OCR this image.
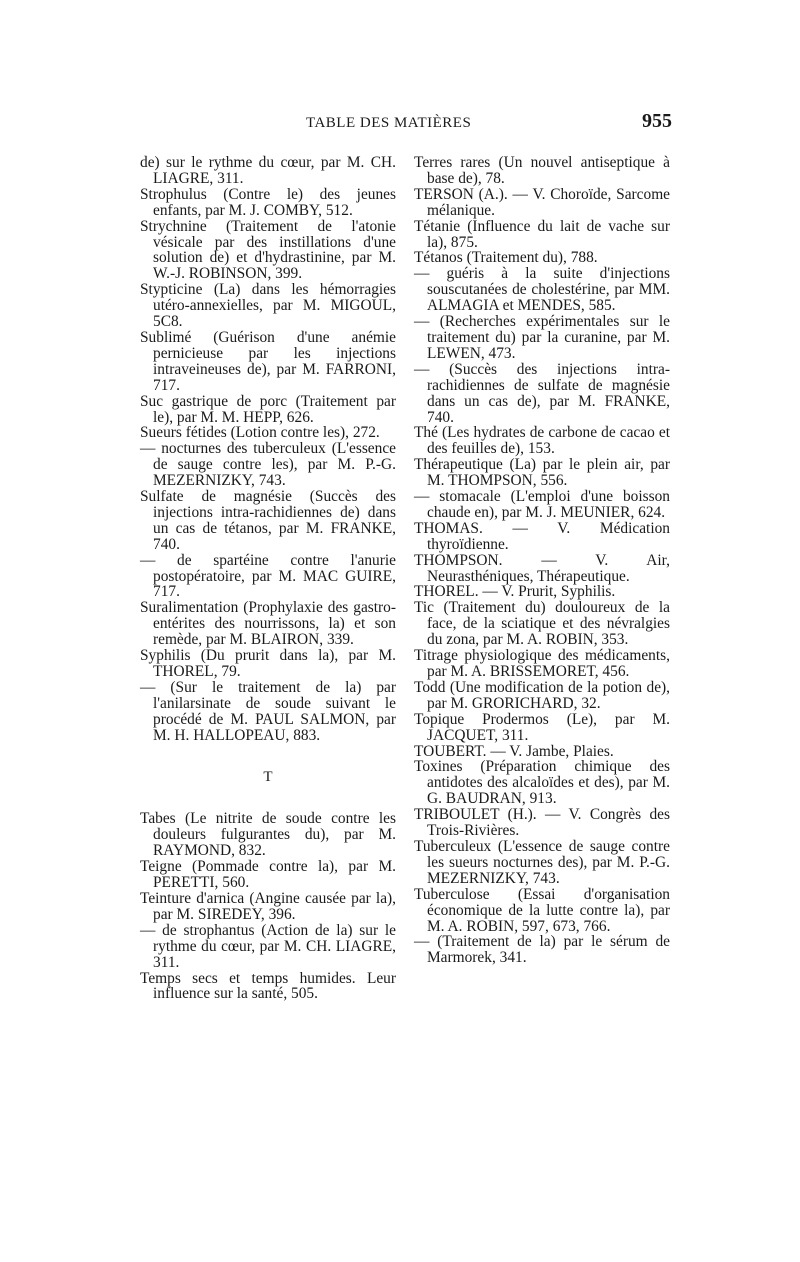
TABLE DES MATIÈRES	955

de) sur le rythme du cœur, par M. CH. LIAGRE, 311.

Strophulus (Contre le) des jeunes enfants, par M. J. COMBY, 512.

Strychnine (Traitement de l'atonie vésicale par des instillations d'une solution de) et d'hydrastinine, par M. W.-J. ROBINSON, 399.

Stypticine (La) dans les hémorragies utéro-annexielles, par M. MIGOUL, 5C8.

Sublimé (Guérison d'une anémie pernicieuse par les injections intraveineuses de), par M. FARRONI, 717.

Suc gastrique de porc (Traitement par le), par M. M. HEPP, 626.

Sueurs fétides (Lotion contre les), 272.

— nocturnes des tuberculeux (L'essence de sauge contre les), par M. P.-G. MEZERNIZKY, 743.

Sulfate de magnésie (Succès des injections intra-rachidiennes de) dans un cas de tétanos, par M. FRANKE, 740.

— de spartéine contre l'anurie postopératoire, par M. MAC GUIRE, 717.

Suralimentation (Prophylaxie des gastro-entérites des nourrissons, la) et son remède, par M. BLAIRON, 339.

Syphilis (Du prurit dans la), par M. THOREL, 79.

— (Sur le traitement de la) par l'anilarsinate de soude suivant le procédé de M. PAUL SALMON, par M. H. HALLOPEAU, 883.

T

Tabes (Le nitrite de soude contre les douleurs fulgurantes du), par M. RAYMOND, 832.

Teigne (Pommade contre la), par M. PERETTI, 560.

Teinture d'arnica (Angine causée par la), par M. SIREDEY, 396.

— de strophantus (Action de la) sur le rythme du cœur, par M. CH. LIAGRE, 311.

Temps secs et temps humides. Leur influence sur la santé, 505.

Terres rares (Un nouvel antiseptique à base de), 78.

TERSON (A.). — V. Choroïde, Sarcome mélanique.

Tétanie (Influence du lait de vache sur la), 875.

Tétanos (Traitement du), 788.

— guéris à la suite d'injections souscutanées de cholestérine, par MM. ALMAGIA et MENDES, 585.

— (Recherches expérimentales sur le traitement du) par la curanine, par M. LEWEN, 473.

— (Succès des injections intra-rachidiennes de sulfate de magnésie dans un cas de), par M. FRANKE, 740.

Thé (Les hydrates de carbone de cacao et des feuilles de), 153.

Thérapeutique (La) par le plein air, par M. THOMPSON, 556.

— stomacale (L'emploi d'une boisson chaude en), par M. J. MEUNIER, 624.

THOMAS. — V. Médication thyroïdienne.

THOMPSON. — V. Air, Neurasthéniques, Thérapeutique.

THOREL. — V. Prurit, Syphilis.

Tic (Traitement du) douloureux de la face, de la sciatique et des névralgies du zona, par M. A. ROBIN, 353.

Titrage physiologique des médicaments, par M. A. BRISSEMORET, 456.

Todd (Une modification de la potion de), par M. GRORICHARD, 32.

Topique Prodermos (Le), par M. JACQUET, 311.

TOUBERT. — V. Jambe, Plaies.

Toxines (Préparation chimique des antidotes des alcaloïdes et des), par M. G. BAUDRAN, 913.

TRIBOULET (H.). — V. Congrès des Trois-Rivières.

Tuberculeux (L'essence de sauge contre les sueurs nocturnes des), par M. P.-G. MEZERNIZKY, 743.

Tuberculose (Essai d'organisation économique de la lutte contre la), par M. A. ROBIN, 597, 673, 766.

— (Traitement de la) par le sérum de Marmorek, 341.
